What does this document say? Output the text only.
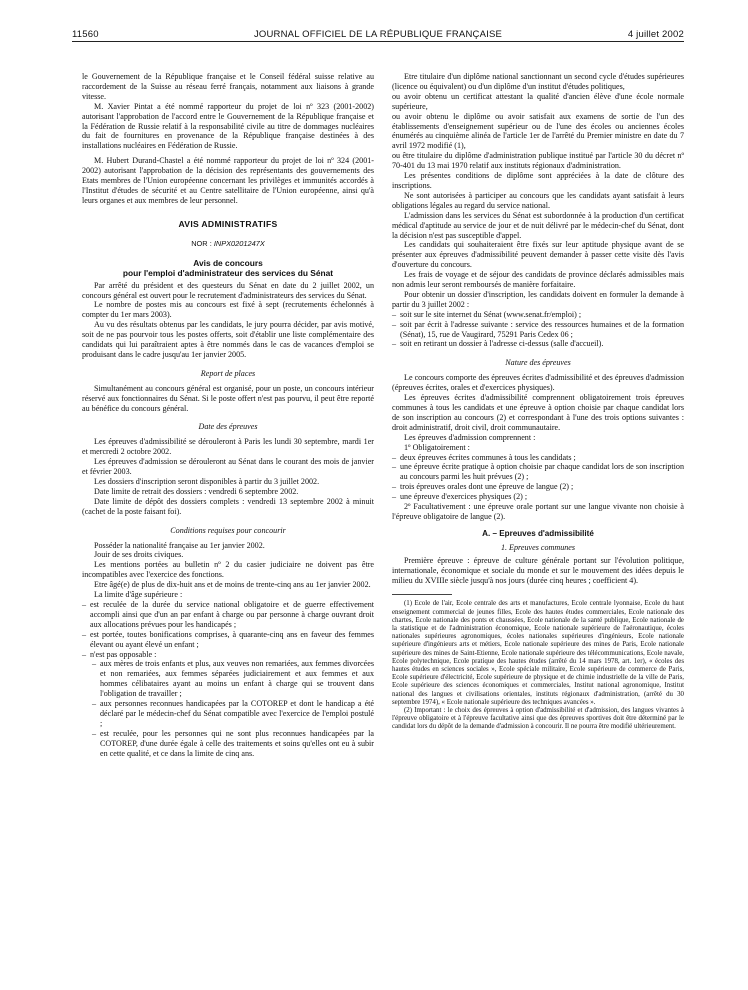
11560	JOURNAL OFFICIEL DE LA RÉPUBLIQUE FRANÇAISE	4 juillet 2002

le Gouvernement de la République française et le Conseil fédéral suisse relative au raccordement de la Suisse au réseau ferré français, notamment aux liaisons à grande vitesse.

M. Xavier Pintat a été nommé rapporteur du projet de loi nº 323 (2001-2002) autorisant l'approbation de l'accord entre le Gouvernement de la République française et la Fédération de Russie relatif à la responsabilité civile au titre de dommages nucléaires du fait de fournitures en provenance de la République française destinées à des installations nucléaires en Fédération de Russie.

M. Hubert Durand-Chastel a été nommé rapporteur du projet de loi nº 324 (2001-2002) autorisant l'approbation de la décision des représentants des gouvernements des Etats membres de l'Union européenne concernant les privilèges et immunités accordés à l'Institut d'études de sécurité et au Centre satellitaire de l'Union européenne, ainsi qu'à leurs organes et aux membres de leur personnel.

AVIS ADMINISTRATIFS
NOR : INPX0201247X
Avis de concours
pour l'emploi d'administrateur des services du Sénat

Par arrêté du président et des questeurs du Sénat en date du 2 juillet 2002, un concours général est ouvert pour le recrutement d'administrateurs des services du Sénat.

Le nombre de postes mis au concours est fixé à sept (recrutements échelonnés à compter du 1er mars 2003).

Au vu des résultats obtenus par les candidats, le jury pourra décider, par avis motivé, soit de ne pas pourvoir tous les postes offerts, soit d'établir une liste complémentaire des candidats qui lui paraîtraient aptes à être nommés dans le cas de vacances d'emploi se produisant dans le cadre jusqu'au 1er janvier 2005.

Report de places

Simultanément au concours général est organisé, pour un poste, un concours intérieur réservé aux fonctionnaires du Sénat. Si le poste offert n'est pas pourvu, il peut être reporté au bénéfice du concours général.

Date des épreuves

Les épreuves d'admissibilité se dérouleront à Paris les lundi 30 septembre, mardi 1er et mercredi 2 octobre 2002.

Les épreuves d'admission se dérouleront au Sénat dans le courant des mois de janvier et février 2003.

Les dossiers d'inscription seront disponibles à partir du 3 juillet 2002.

Date limite de retrait des dossiers : vendredi 6 septembre 2002.

Date limite de dépôt des dossiers complets : vendredi 13 septembre 2002 à minuit (cachet de la poste faisant foi).

Conditions requises pour concourir

Posséder la nationalité française au 1er janvier 2002.

Jouir de ses droits civiques.

Les mentions portées au bulletin nº 2 du casier judiciaire ne doivent pas être incompatibles avec l'exercice des fonctions.

Etre âgé(e) de plus de dix-huit ans et de moins de trente-cinq ans au 1er janvier 2002.

La limite d'âge supérieure :

– est reculée de la durée du service national obligatoire et de guerre effectivement accompli ainsi que d'un an par enfant à charge ou par personne à charge ouvrant droit aux allocations prévues pour les handicapés ;

– est portée, toutes bonifications comprises, à quarante-cinq ans en faveur des femmes élevant ou ayant élevé un enfant ;

– n'est pas opposable :

– aux mères de trois enfants et plus, aux veuves non remariées, aux femmes divorcées et non remariées, aux femmes séparées judiciairement et aux femmes et aux hommes célibataires ayant au moins un enfant à charge qui se trouvent dans l'obligation de travailler ;

– aux personnes reconnues handicapées par la COTOREP et dont le handicap a été déclaré par le médecin-chef du Sénat compatible avec l'exercice de l'emploi postulé ;

– est reculée, pour les personnes qui ne sont plus reconnues handicapées par la COTOREP, d'une durée égale à celle des traitements et soins qu'elles ont eu à subir en cette qualité, et ce dans la limite de cinq ans.

Etre titulaire d'un diplôme national sanctionnant un second cycle d'études supérieures (licence ou équivalent) ou d'un diplôme d'un institut d'études politiques,

ou avoir obtenu un certificat attestant la qualité d'ancien élève d'une école normale supérieure,

ou avoir obtenu le diplôme ou avoir satisfait aux examens de sortie de l'un des établissements d'enseignement supérieur ou de l'une des écoles ou anciennes écoles énumérés au cinquième alinéa de l'article 1er de l'arrêté du Premier ministre en date du 7 avril 1972 modifié (1),

ou être titulaire du diplôme d'administration publique institué par l'article 30 du décret nº 70-401 du 13 mai 1970 relatif aux instituts régionaux d'administration.

Les présentes conditions de diplôme sont appréciées à la date de clôture des inscriptions.

Ne sont autorisées à participer au concours que les candidats ayant satisfait à leurs obligations légales au regard du service national.

L'admission dans les services du Sénat est subordonnée à la production d'un certificat médical d'aptitude au service de jour et de nuit délivré par le médecin-chef du Sénat, dont la décision n'est pas susceptible d'appel.

Les candidats qui souhaiteraient être fixés sur leur aptitude physique avant de se présenter aux épreuves d'admissibilité peuvent demander à passer cette visite dès l'avis d'ouverture du concours.

Les frais de voyage et de séjour des candidats de province déclarés admissibles mais non admis leur seront remboursés de manière forfaitaire.

Pour obtenir un dossier d'inscription, les candidats doivent en formuler la demande à partir du 3 juillet 2002 :

– soit sur le site internet du Sénat (www.senat.fr/emploi) ;

– soit par écrit à l'adresse suivante : service des ressources humaines et de la formation (Sénat), 15, rue de Vaugirard, 75291 Paris Cedex 06 ;

– soit en retirant un dossier à l'adresse ci-dessus (salle d'accueil).

Nature des épreuves

Le concours comporte des épreuves écrites d'admissibilité et des épreuves d'admission (épreuves écrites, orales et d'exercices physiques).

Les épreuves écrites d'admissibilité comprennent obligatoirement trois épreuves communes à tous les candidats et une épreuve à option choisie par chaque candidat lors de son inscription au concours (2) et correspondant à l'une des trois options suivantes : droit administratif, droit civil, droit communautaire.

Les épreuves d'admission comprennent :

1º Obligatoirement :

– deux épreuves écrites communes à tous les candidats ;

– une épreuve écrite pratique à option choisie par chaque candidat lors de son inscription au concours parmi les huit prévues (2) ;

– trois épreuves orales dont une épreuve de langue (2) ;

– une épreuve d'exercices physiques (2) ;

2º Facultativement : une épreuve orale portant sur une langue vivante non choisie à l'épreuve obligatoire de langue (2).

A. – Epreuves d'admissibilité
1. Epreuves communes

Première épreuve : épreuve de culture générale portant sur l'évolution politique, internationale, économique et sociale du monde et sur le mouvement des idées depuis le milieu du XVIIIe siècle jusqu'à nos jours (durée cinq heures ; coefficient 4).

(1) Ecole de l'air, Ecole centrale des arts et manufactures, Ecole centrale lyonnaise, Ecole du haut enseignement commercial de jeunes filles, Ecole des hautes études commerciales, Ecole nationale des chartes, Ecole nationale des ponts et chaussées, Ecole nationale de la santé publique, Ecole nationale de la statistique et de l'administration économique, Ecole nationale supérieure de l'aéronautique, écoles nationales supérieures agronomiques, écoles nationales supérieures d'ingénieurs, Ecole nationale supérieure d'ingénieurs arts et métiers, Ecole nationale supérieure des mines de Paris, Ecole nationale supérieure des mines de Saint-Etienne, Ecole nationale supérieure des télécommunications, Ecole navale, Ecole polytechnique, Ecole pratique des hautes études (arrêté du 14 mars 1978, art. 1er), « écoles des hautes études en sciences sociales », Ecole spéciale militaire, Ecole supérieure de commerce de Paris, Ecole supérieure d'électricité, Ecole supérieure de physique et de chimie industrielle de la ville de Paris, Ecole supérieure des sciences économiques et commerciales, Institut national agronomique, Institut national des langues et civilisations orientales, instituts régionaux d'administration, (arrêté du 30 septembre 1974), « Ecole nationale supérieure des techniques avancées ».

(2) Important : le choix des épreuves à option d'admissibilité et d'admission, des langues vivantes à l'épreuve obligatoire et à l'épreuve facultative ainsi que des épreuves sportives doit être déterminé par le candidat lors du dépôt de la demande d'admission à concourir. Il ne pourra être modifié ultérieurement.
